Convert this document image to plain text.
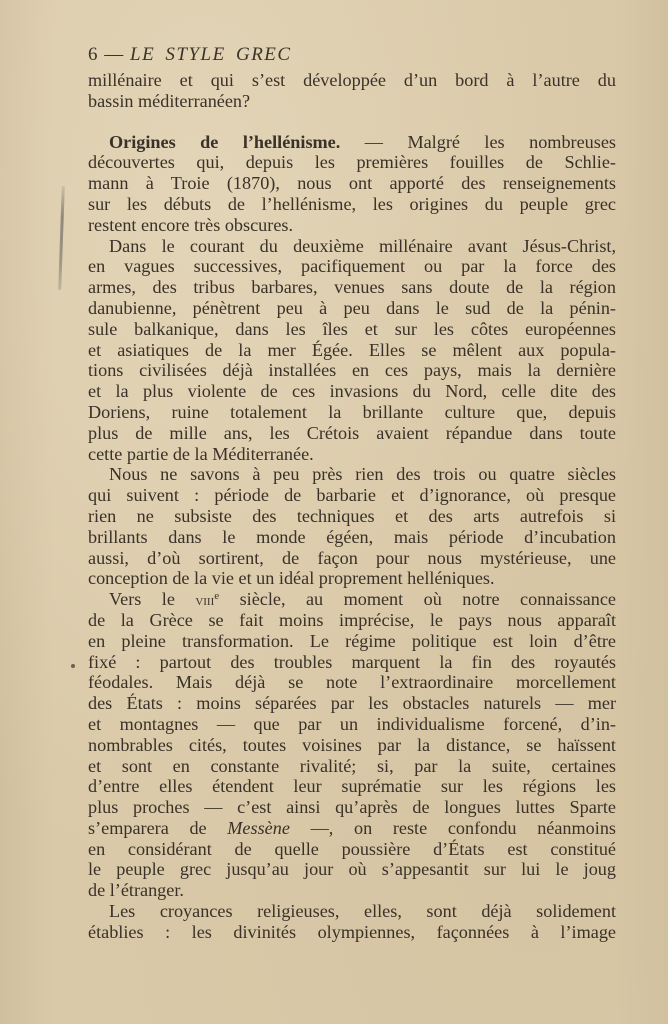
6 — LE STYLE GREC
millénaire et qui s’est développée d’un bord à l’autre du
bassin méditerranéen?
Origines de l’hellénisme. — Malgré les nombreuses
découvertes qui, depuis les premières fouilles de Schlie-
mann à Troie (1870), nous ont apporté des renseignements
sur les débuts de l’hellénisme, les origines du peuple grec
restent encore très obscures.
Dans le courant du deuxième millénaire avant Jésus-Christ,
en vagues successives, pacifiquement ou par la force des
armes, des tribus barbares, venues sans doute de la région
danubienne, pénètrent peu à peu dans le sud de la pénin-
sule balkanique, dans les îles et sur les côtes européennes
et asiatiques de la mer Égée. Elles se mêlent aux popula-
tions civilisées déjà installées en ces pays, mais la dernière
et la plus violente de ces invasions du Nord, celle dite des
Doriens, ruine totalement la brillante culture que, depuis
plus de mille ans, les Crétois avaient répandue dans toute
cette partie de la Méditerranée.
Nous ne savons à peu près rien des trois ou quatre siècles
qui suivent : période de barbarie et d’ignorance, où presque
rien ne subsiste des techniques et des arts autrefois si
brillants dans le monde égéen, mais période d’incubation
aussi, d’où sortirent, de façon pour nous mystérieuse, une
conception de la vie et un idéal proprement helléniques.
Vers le viii$^e$ siècle, au moment où notre connaissance
de la Grèce se fait moins imprécise, le pays nous apparaît
en pleine transformation. Le régime politique est loin d’être
fixé : partout des troubles marquent la fin des royautés
féodales. Mais déjà se note l’extraordinaire morcellement
des États : moins séparées par les obstacles naturels — mer
et montagnes — que par un individualisme forcené, d’in-
nombrables cités, toutes voisines par la distance, se haïssent
et sont en constante rivalité; si, par la suite, certaines
d’entre elles étendent leur suprématie sur les régions les
plus proches — c’est ainsi qu’après de longues luttes Sparte
s’emparera de Messène —, on reste confondu néanmoins
en considérant de quelle poussière d’États est constitué
le peuple grec jusqu’au jour où s’appesantit sur lui le joug
de l’étranger.
Les croyances religieuses, elles, sont déjà solidement
établies : les divinités olympiennes, façonnées à l’image
